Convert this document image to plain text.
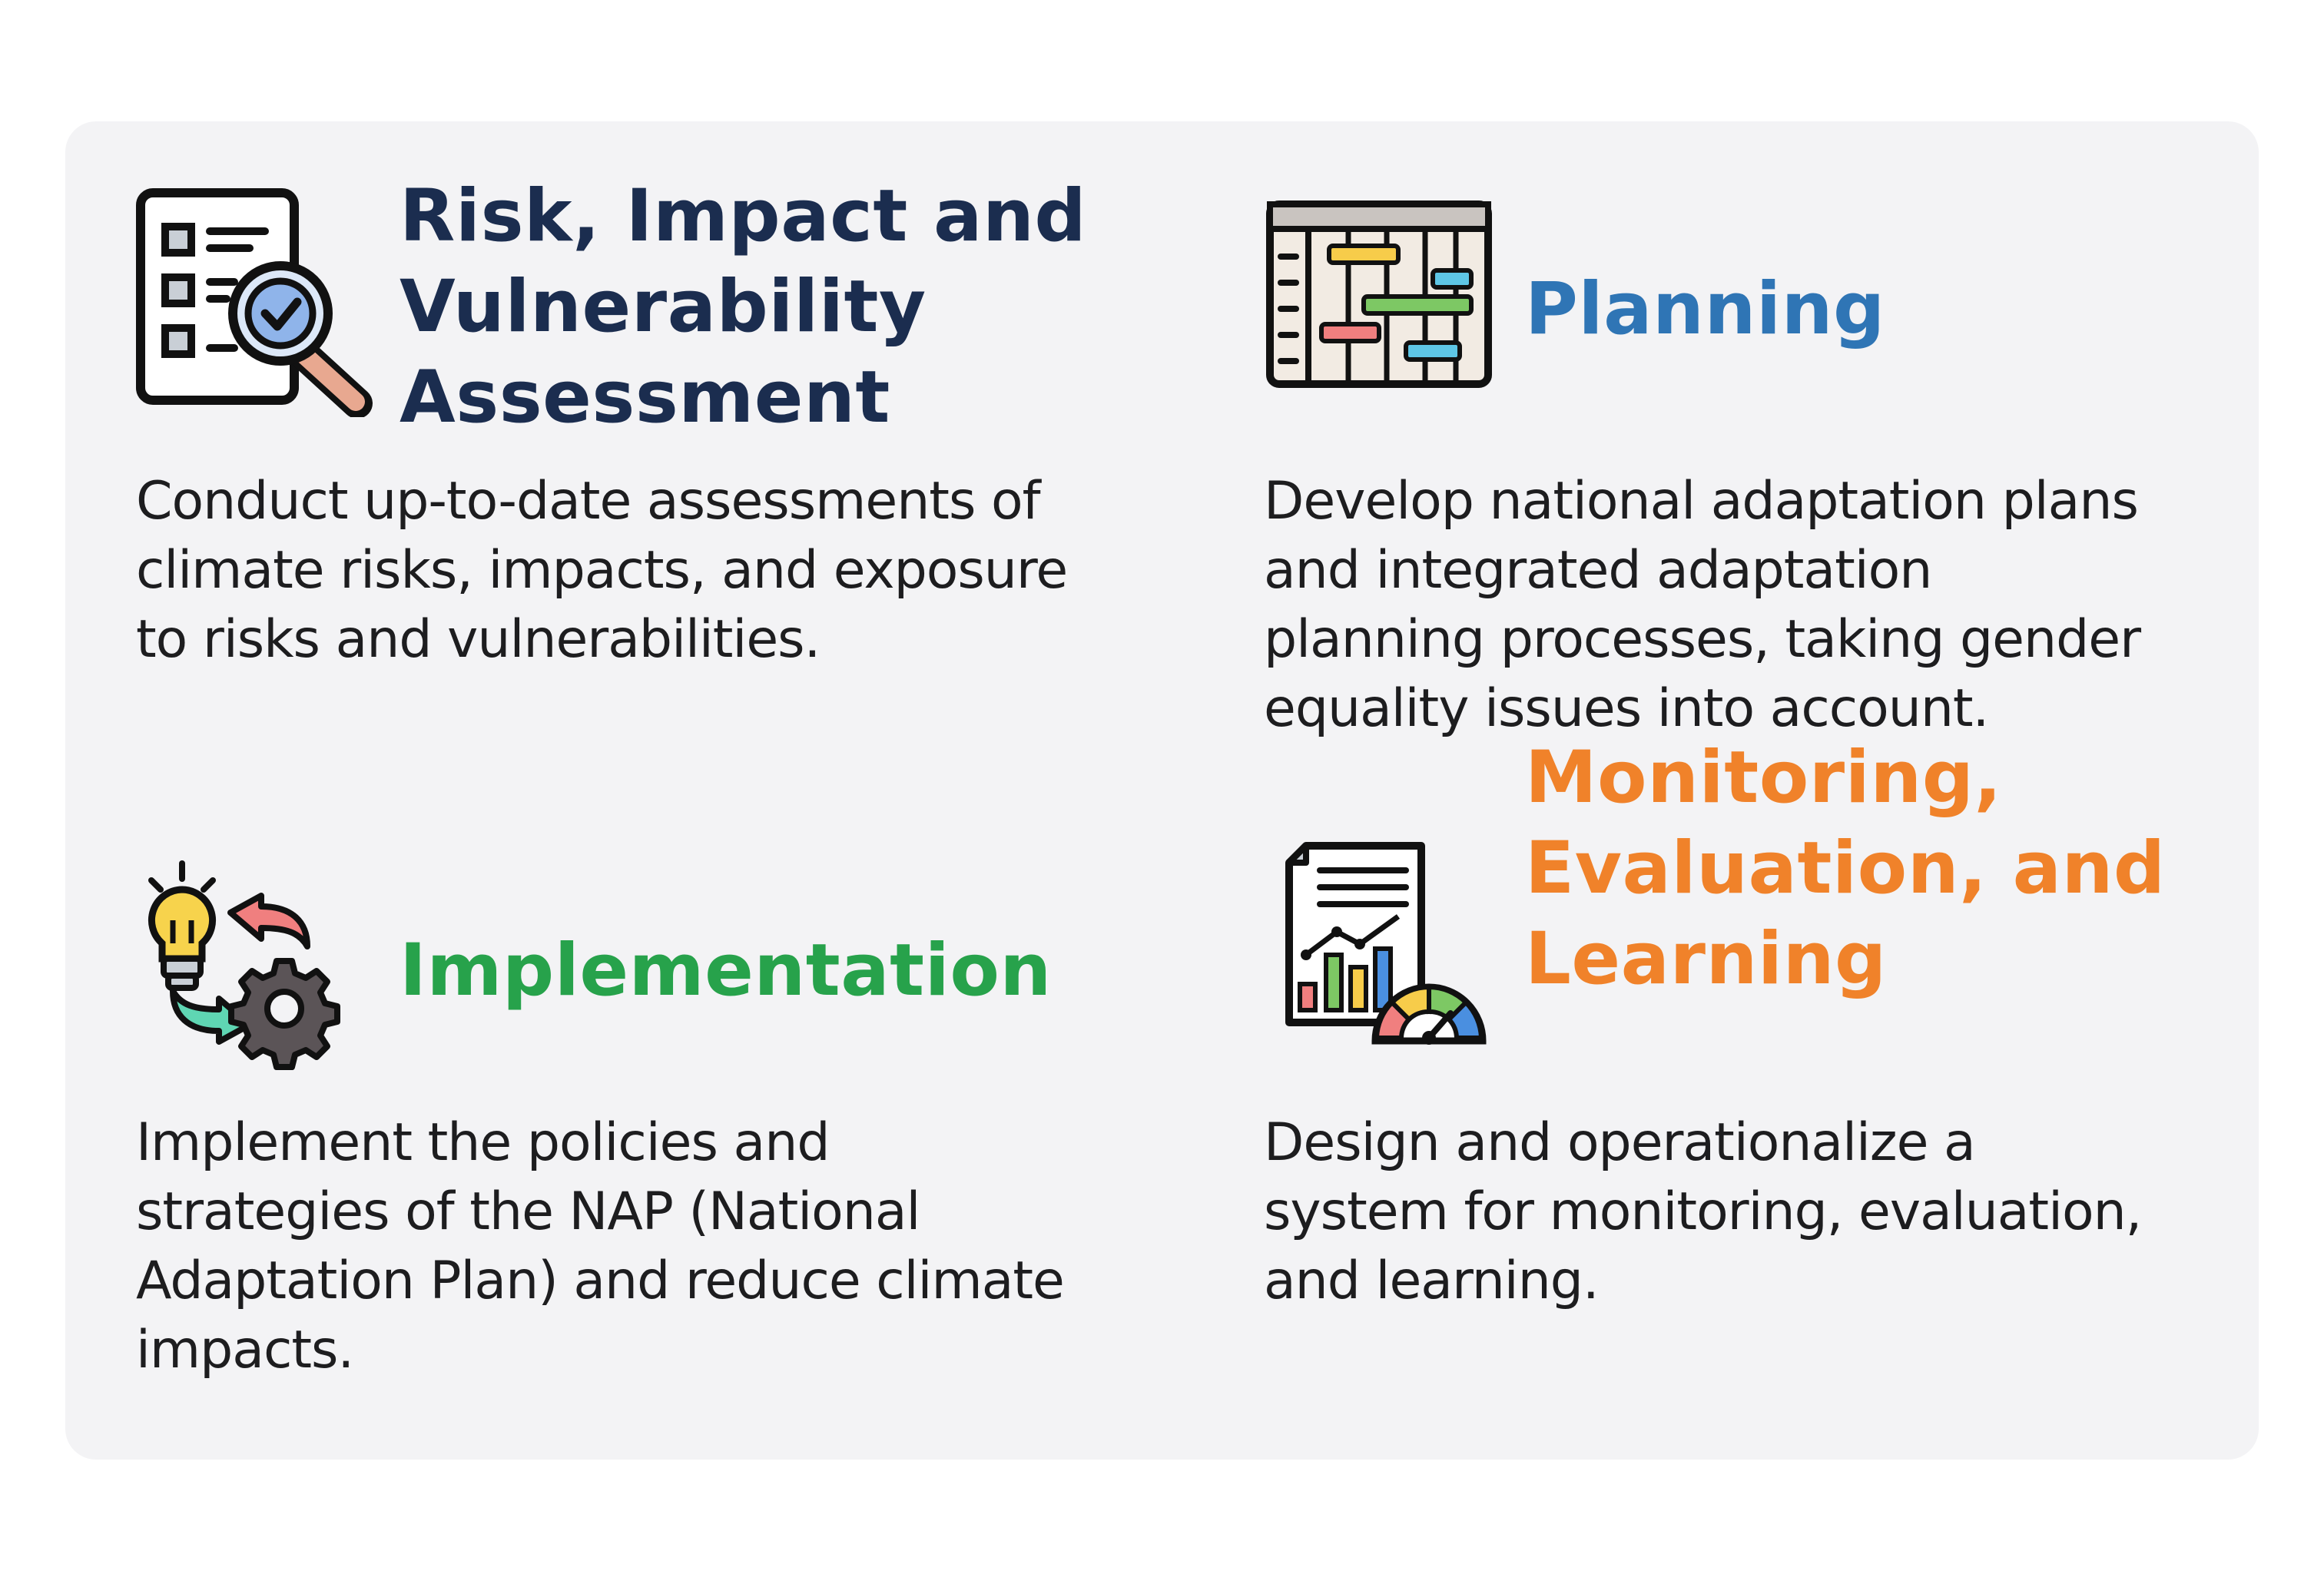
Risk, Impact and
Vulnerability
Assessment
Conduct up-to-date assessments of
climate risks, impacts, and exposure
to risks and vulnerabilities.
Planning
Develop national adaptation plans
and integrated adaptation
planning processes, taking gender
equality issues into account.
Implementation
Implement the policies and
strategies of the NAP (National
Adaptation Plan) and reduce climate
impacts.
Monitoring,
Evaluation, and
Learning
Design and operationalize a
system for monitoring, evaluation,
and learning.
